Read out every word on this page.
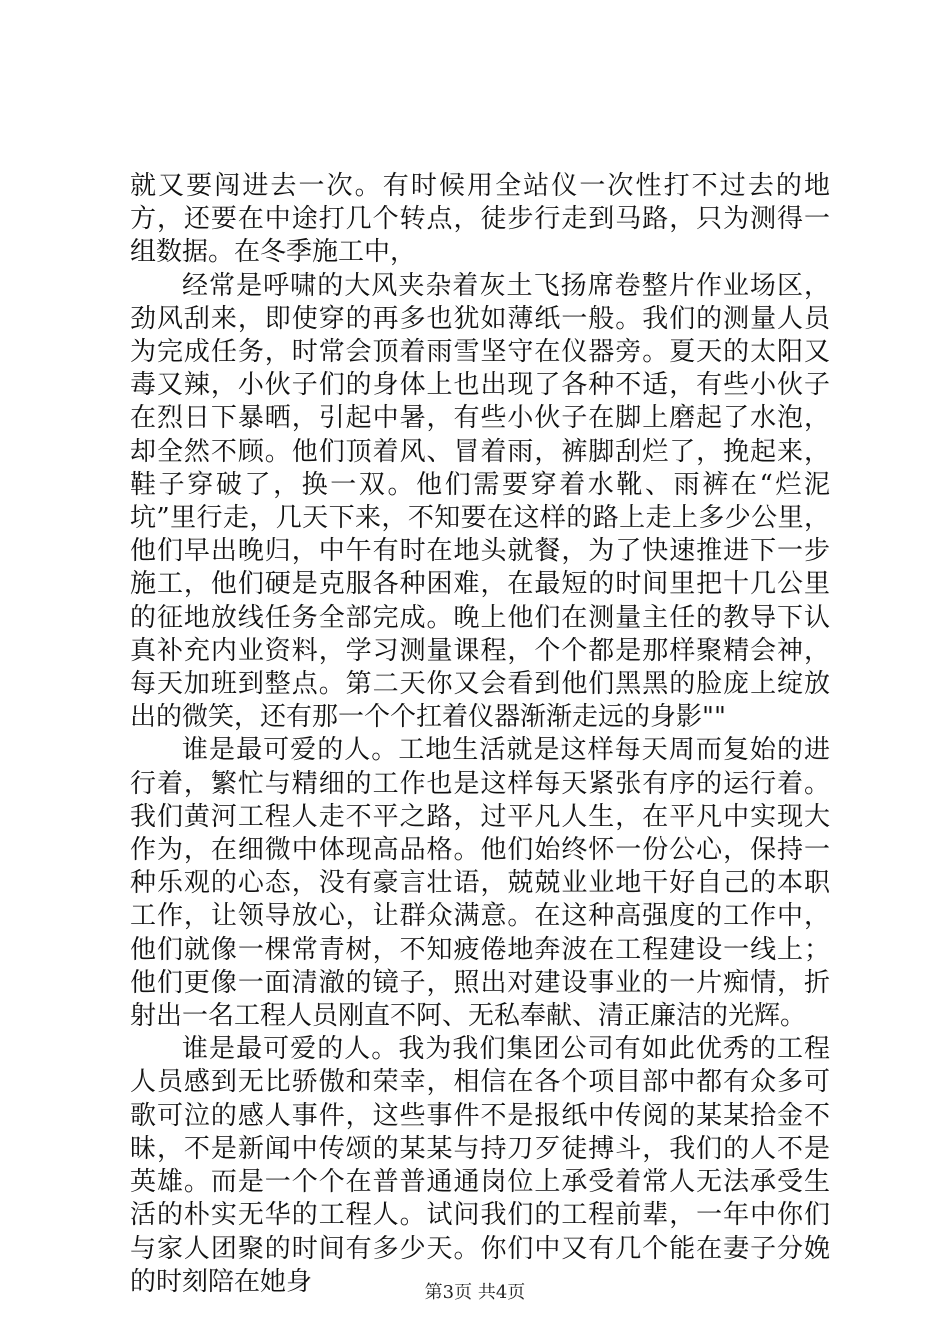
就又要闯进去一次。有时候用全站仪一次性打不过去的地方，还要在中途打几个转点，徒步行走到马路，只为测得一组数据。在冬季施工中，

经常是呼啸的大风夹杂着灰土飞扬席卷整片作业场区，劲风刮来，即使穿的再多也犹如薄纸一般。我们的测量人员为完成任务，时常会顶着雨雪坚守在仪器旁。夏天的太阳又毒又辣，小伙子们的身体上也出现了各种不适，有些小伙子在烈日下暴晒，引起中暑，有些小伙子在脚上磨起了水泡，却全然不顾。他们顶着风、冒着雨，裤脚刮烂了，挽起来，鞋子穿破了，换一双。他们需要穿着水靴、雨裤在“烂泥坑”里行走，几天下来，不知要在这样的路上走上多少公里，他们早出晚归，中午有时在地头就餐，为了快速推进下一步施工，他们硬是克服各种困难，在最短的时间里把十几公里的征地放线任务全部完成。晚上他们在测量主任的教导下认真补充内业资料，学习测量课程，个个都是那样聚精会神，每天加班到整点。第二天你又会看到他们黑黑的脸庞上绽放出的微笑，还有那一个个扛着仪器渐渐走远的身影""

谁是最可爱的人。工地生活就是这样每天周而复始的进行着，繁忙与精细的工作也是这样每天紧张有序的运行着。我们黄河工程人走不平之路，过平凡人生，在平凡中实现大作为，在细微中体现高品格。他们始终怀一份公心，保持一种乐观的心态，没有豪言壮语，兢兢业业地干好自己的本职工作，让领导放心，让群众满意。在这种高强度的工作中，他们就像一棵常青树，不知疲倦地奔波在工程建设一线上；他们更像一面清澈的镜子，照出对建设事业的一片痴情，折射出一名工程人员刚直不阿、无私奉献、清正廉洁的光辉。

谁是最可爱的人。我为我们集团公司有如此优秀的工程人员感到无比骄傲和荣幸，相信在各个项目部中都有众多可歌可泣的感人事件，这些事件不是报纸中传阅的某某拾金不昧，不是新闻中传颂的某某与持刀歹徒搏斗，我们的人不是英雄。而是一个个在普普通通岗位上承受着常人无法承受生活的朴实无华的工程人。试问我们的工程前辈，一年中你们与家人团聚的时间有多少天。你们中又有几个能在妻子分娩的时刻陪在她身	第3页 共4页
